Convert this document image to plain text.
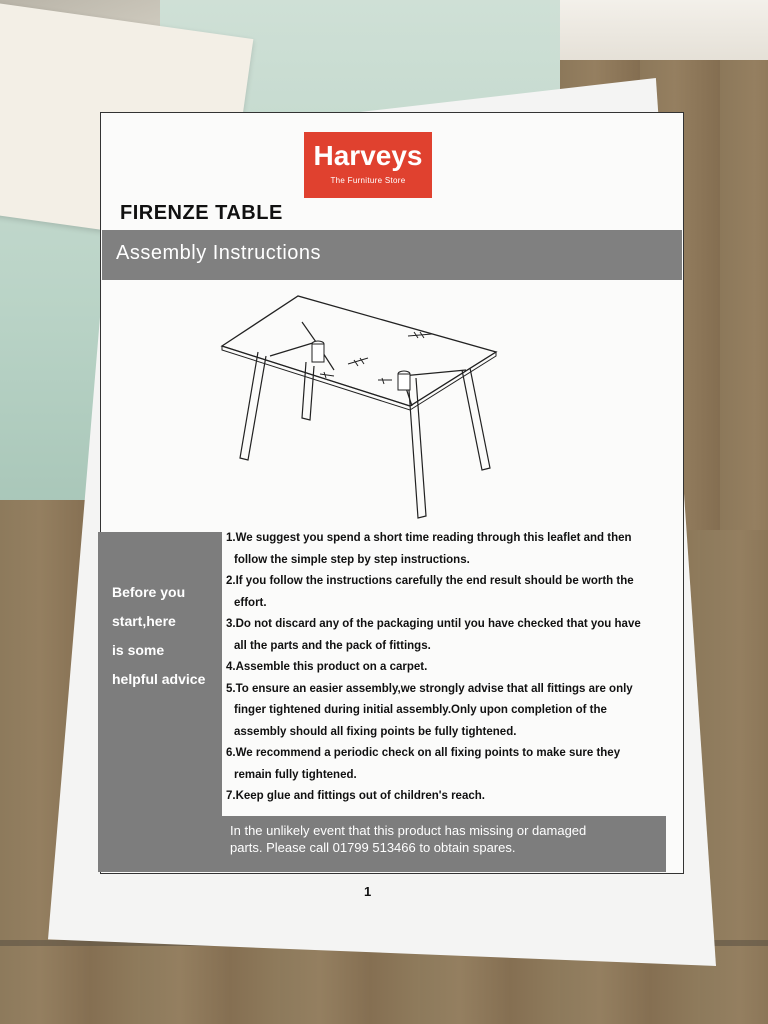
Harveys
The Furniture Store
FIRENZE TABLE
Assembly Instructions
Before you
start,here
is some
helpful advice
1.We suggest you spend a short time reading through this leaflet and then
follow the simple step by step instructions.
2.If you follow the instructions carefully the end result should be worth the
effort.
3.Do not discard any of the packaging until you have checked that you have
all the parts and the pack of fittings.
4.Assemble this product on a carpet.
5.To ensure an easier assembly,we strongly advise that all fittings are only
finger tightened during initial assembly.Only upon completion of the
assembly should all fixing points be fully tightened.
6.We recommend a periodic check on all fixing points to make sure they
remain fully tightened.
7.Keep glue and fittings out of children's reach.
In the unlikely event that this product has missing or damaged
parts. Please call 01799 513466 to obtain spares.
1
